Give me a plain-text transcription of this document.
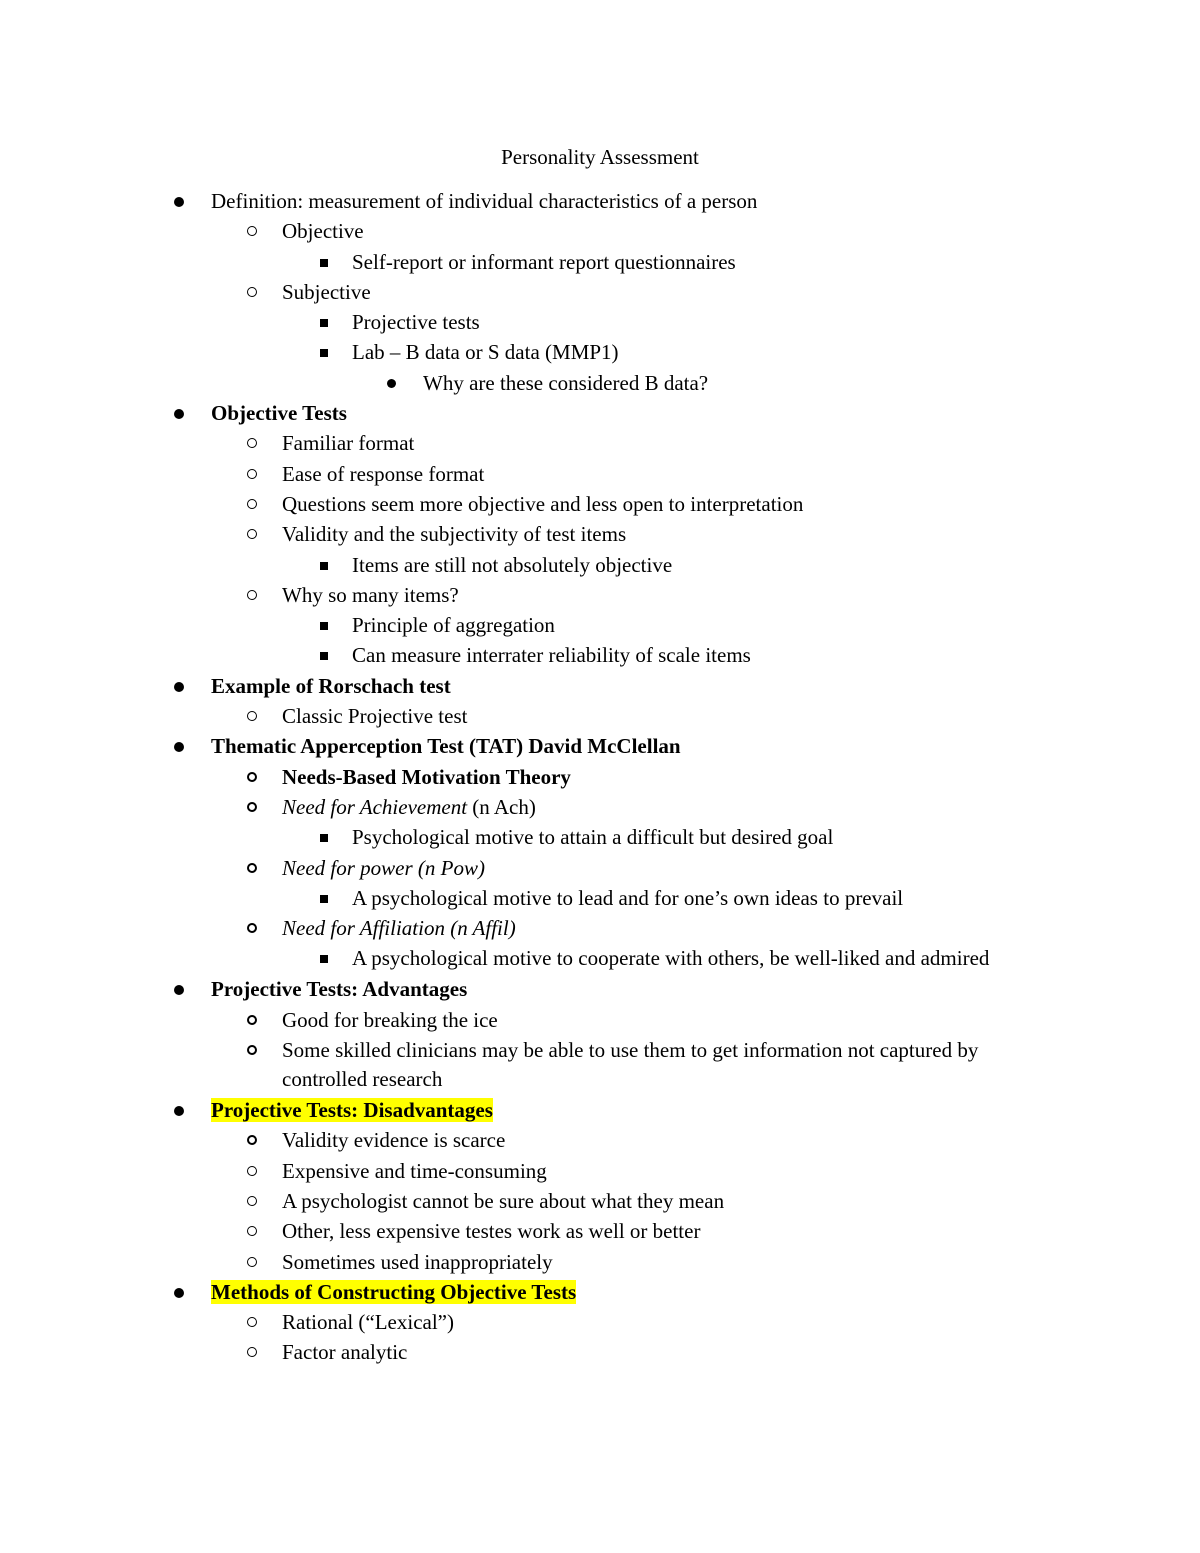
Personality Assessment
Definition: measurement of individual characteristics of a person
Objective
Self-report or informant report questionnaires
Subjective
Projective tests
Lab – B data or S data (MMP1)
Why are these considered B data?
Objective Tests
Familiar format
Ease of response format
Questions seem more objective and less open to interpretation
Validity and the subjectivity of test items
Items are still not absolutely objective
Why so many items?
Principle of aggregation
Can measure interrater reliability of scale items
Example of Rorschach test
Classic Projective test
Thematic Apperception Test (TAT) David McClellan
Needs-Based Motivation Theory
Need for Achievement (n Ach)
Psychological motive to attain a difficult but desired goal
Need for power (n Pow)
A psychological motive to lead and for one’s own ideas to prevail
Need for Affiliation (n Affil)
A psychological motive to cooperate with others, be well-liked and admired
Projective Tests: Advantages
Good for breaking the ice
Some skilled clinicians may be able to use them to get information not captured by controlled research
Projective Tests: Disadvantages
Validity evidence is scarce
Expensive and time-consuming
A psychologist cannot be sure about what they mean
Other, less expensive testes work as well or better
Sometimes used inappropriately
Methods of Constructing Objective Tests
Rational (“Lexical”)
Factor analytic
